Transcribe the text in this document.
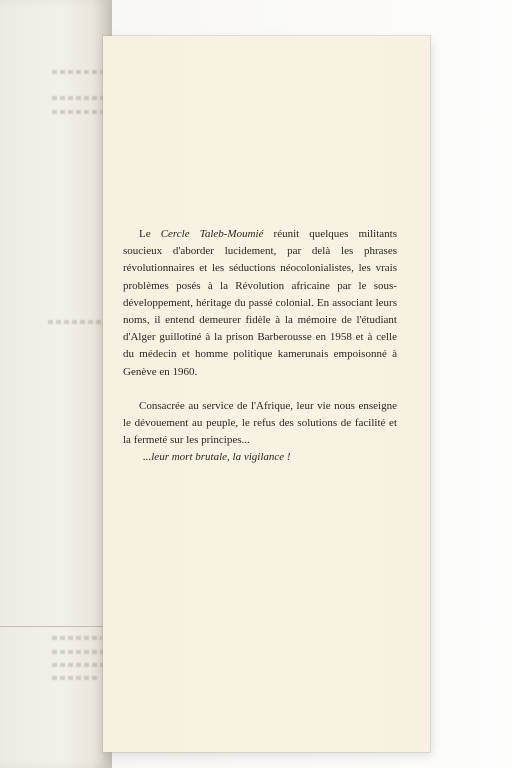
Le Cercle Taleb-Moumié réunit quelques militants soucieux d'aborder lucidement, par delà les phrases révolutionnaires et les séductions néocolonialistes, les vrais problèmes posés à la Révolution africaine par le sous-développement, héritage du passé colonial. En associant leurs noms, il entend demeurer fidèle à la mémoire de l'étudiant d'Alger guillotiné à la prison Barberousse en 1958 et à celle du médecin et homme politique kamerunais empoisonné à Genève en 1960.

Consacrée au service de l'Afrique, leur vie nous enseigne le dévouement au peuple, le refus des solutions de facilité et la fermeté sur les principes...

...leur mort brutale, la vigilance !
